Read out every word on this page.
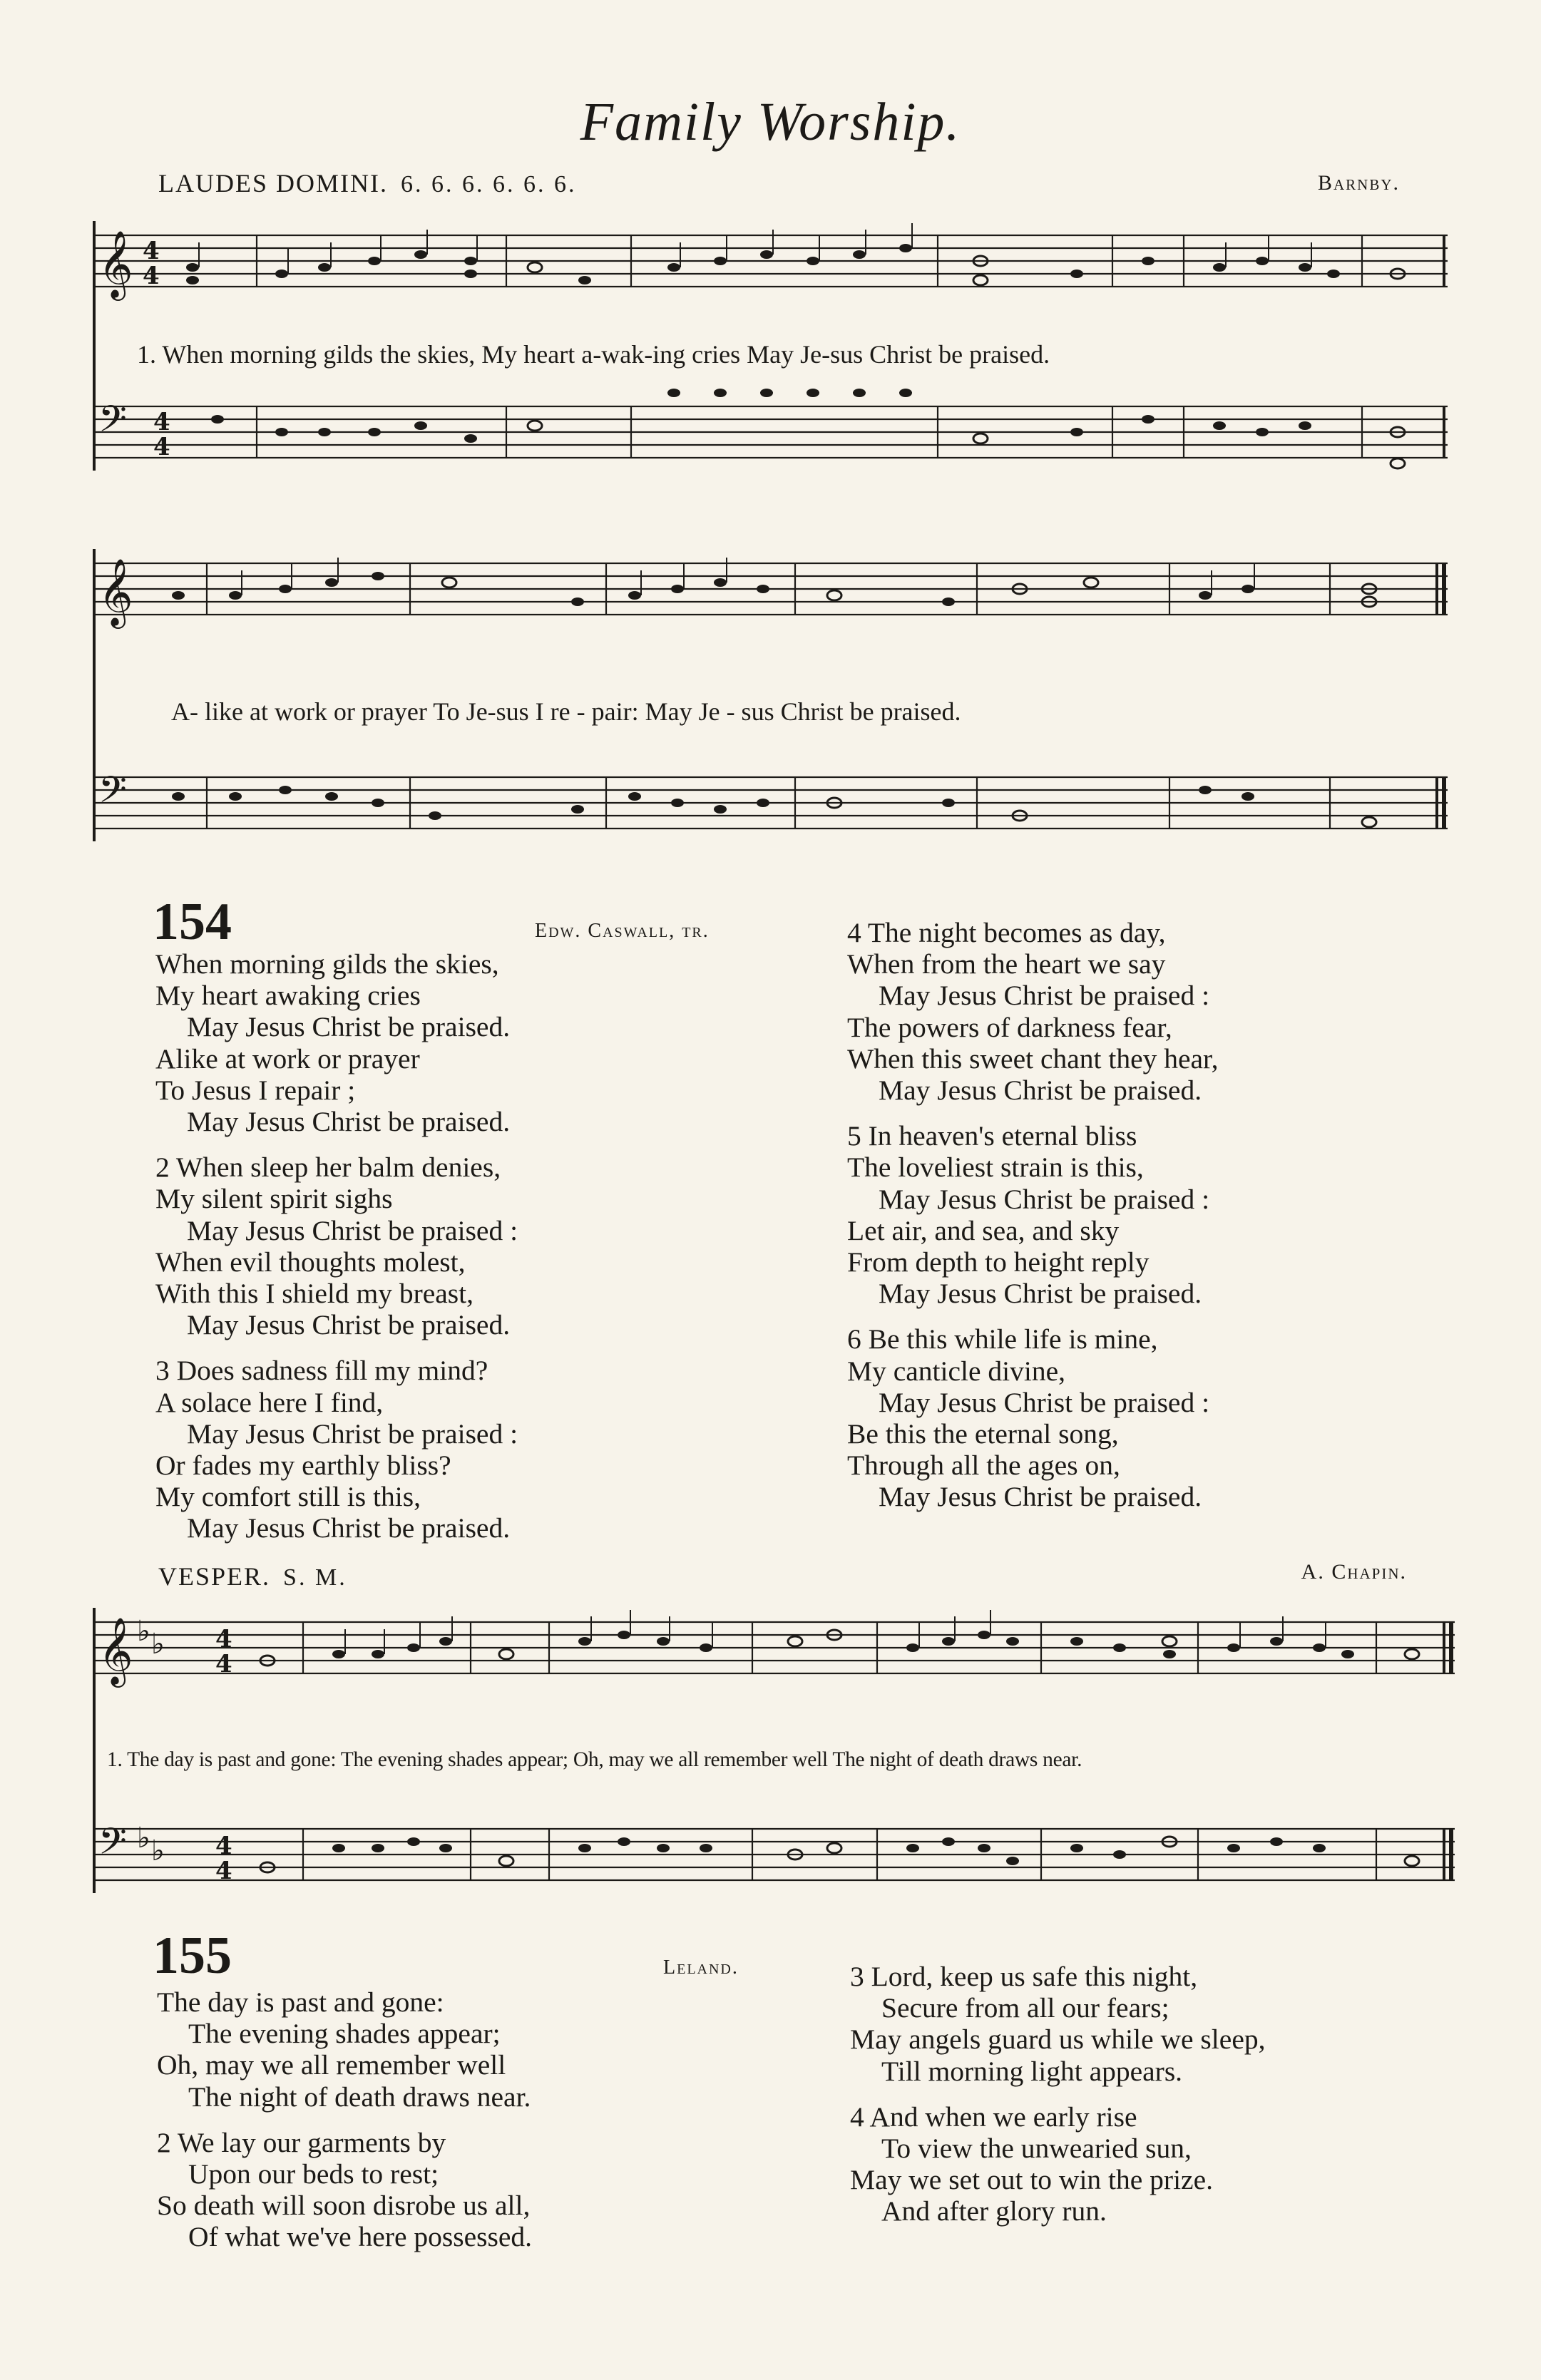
Family Worship.
LAUDES DOMINI. 6. 6. 6. 6. 6. 6.	Barnby.
𝄞
𝄢
4
4
4
4
1. When morning gilds the skies, My heart a-wak-ing cries May Je-sus Christ be praised.
𝄞
𝄢
A- like at work or prayer To Je-sus I re - pair: May Je - sus Christ be praised.
154	Edw. Caswall, tr.
When morning gilds the skies,
My heart awaking cries
May Jesus Christ be praised.
Alike at work or prayer
To Jesus I repair ;
May Jesus Christ be praised.
2 When sleep her balm denies,
My silent spirit sighs
May Jesus Christ be praised :
When evil thoughts molest,
With this I shield my breast,
May Jesus Christ be praised.
3 Does sadness fill my mind?
A solace here I find,
May Jesus Christ be praised :
Or fades my earthly bliss?
My comfort still is this,
May Jesus Christ be praised.
4 The night becomes as day,
When from the heart we say
May Jesus Christ be praised :
The powers of darkness fear,
When this sweet chant they hear,
May Jesus Christ be praised.
5 In heaven's eternal bliss
The loveliest strain is this,
May Jesus Christ be praised :
Let air, and sea, and sky
From depth to height reply
May Jesus Christ be praised.
6 Be this while life is mine,
My canticle divine,
May Jesus Christ be praised :
Be this the eternal song,
Through all the ages on,
May Jesus Christ be praised.
VESPER. S. M.	A. Chapin.
𝄞
𝄢
♭ ♭
♭ ♭
4
4
4
4
1. The day is past and gone: The evening shades appear; Oh, may we all remember well The night of death draws near.
155	Leland.
The day is past and gone:
The evening shades appear;
Oh, may we all remember well
The night of death draws near.
2 We lay our garments by
Upon our beds to rest;
So death will soon disrobe us all,
Of what we've here possessed.
3 Lord, keep us safe this night,
Secure from all our fears;
May angels guard us while we sleep,
Till morning light appears.
4 And when we early rise
To view the unwearied sun,
May we set out to win the prize.
And after glory run.
